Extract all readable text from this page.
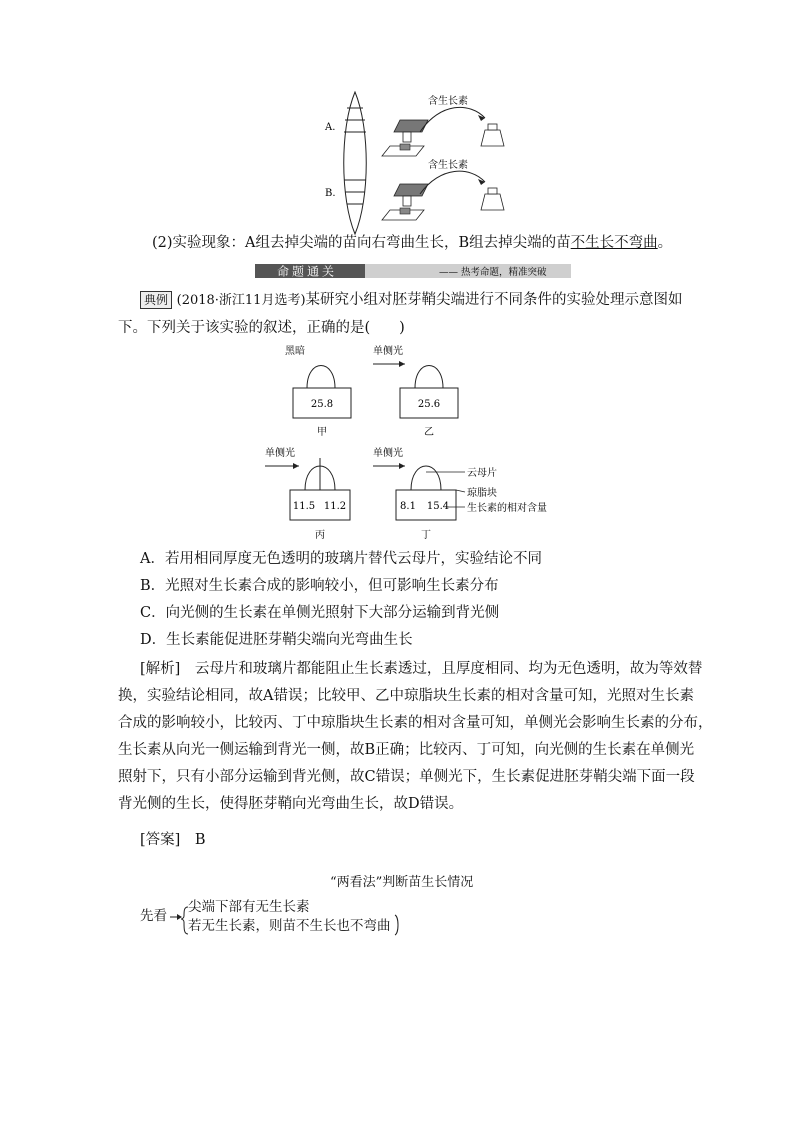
A.
B.
含生长素
含生长素
(2)实验现象：A组去掉尖端的苗向右弯曲生长，B组去掉尖端的苗不生长不弯曲。
命题通关	—— 热考命题，精准突破
典例 (2018·浙江11月选考)某研究小组对胚芽鞘尖端进行不同条件的实验处理示意图如
下。下列关于该实验的叙述，正确的是(　　)
黑暗
25.8
甲
单侧光
25.6
乙
单侧光
11.5 11.2
丙
单侧光
8.1 15.4
丁
云母片
琼脂块
生长素的相对含量
A．若用相同厚度无色透明的玻璃片替代云母片，实验结论不同
B．光照对生长素合成的影响较小，但可影响生长素分布
C．向光侧的生长素在单侧光照射下大部分运输到背光侧
D．生长素能促进胚芽鞘尖端向光弯曲生长
[解析]　 云母片和玻璃片都能阻止生长素透过，且厚度相同、均为无色透明，故为等效替
换，实验结论相同，故A错误；比较甲、乙中琼脂块生长素的相对含量可知，光照对生长素
合成的影响较小，比较丙、丁中琼脂块生长素的相对含量可知，单侧光会影响生长素的分布，
生长素从向光一侧运输到背光一侧，故B正确；比较丙、丁可知，向光侧的生长素在单侧光
照射下，只有小部分运输到背光侧，故C错误；单侧光下，生长素促进胚芽鞘尖端下面一段
背光侧的生长，使得胚芽鞘向光弯曲生长，故D错误。
[答案]　 B
“两看法”判断苗生长情况
先看
尖端下部有无生长素
若无生长素，则苗不生长也不弯曲
